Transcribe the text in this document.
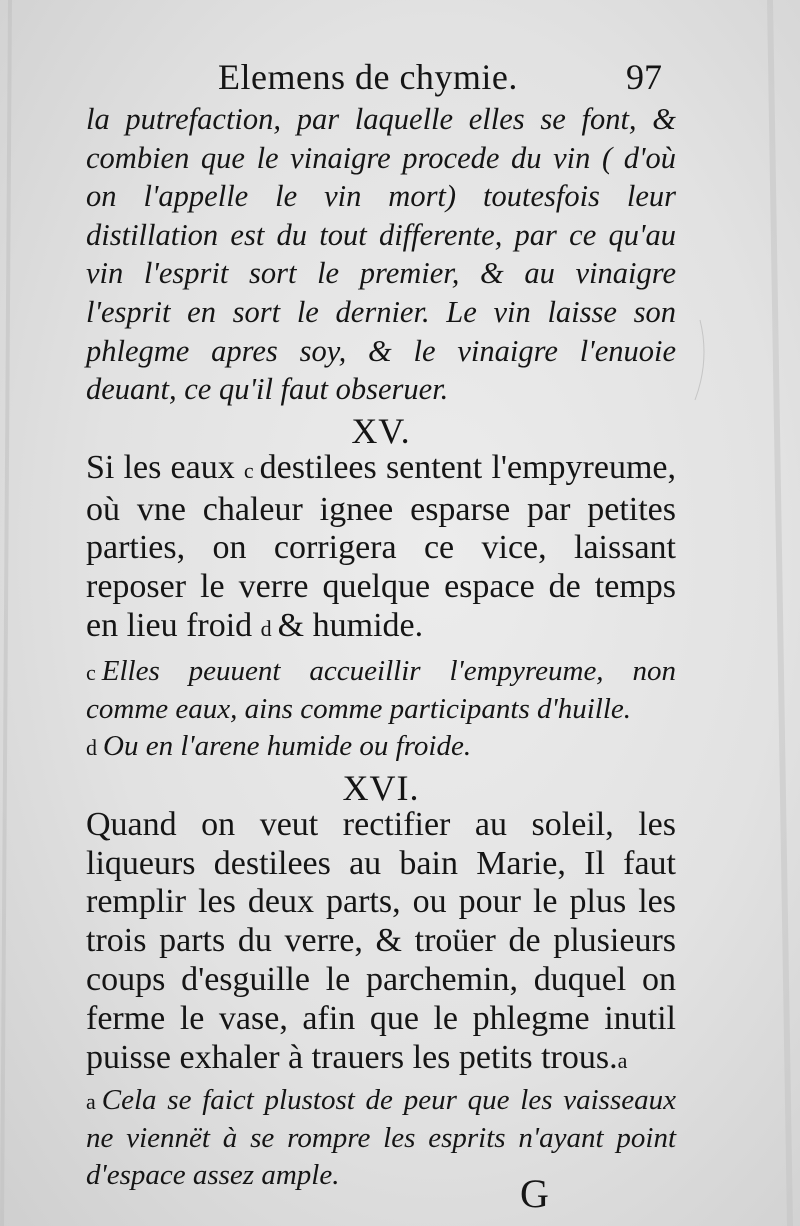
Elemens de chymie.	97

la putrefaction, par laquelle elles se font, & combien que le vinaigre procede du vin ( d'où on l'appelle le vin mort) toutesfois leur distillation est du tout differente, par ce qu'au vin l'esprit sort le premier, & au vinaigre l'esprit en sort le dernier. Le vin laisse son phlegme apres soy, & le vinaigre l'enuoie deuant, ce qu'il faut obseruer.

XV.

Si les eaux c destilees sentent l'empyreume, où vne chaleur ignee esparse par petites parties, on corrigera ce vice, laissant reposer le verre quelque espace de temps en lieu froid d & humide.

c Elles peuuent accueillir l'empyreume, non comme eaux, ains comme participants d'huille.

d Ou en l'arene humide ou froide.

XVI.

Quand on veut rectifier au soleil, les liqueurs destilees au bain Marie, Il faut remplir les deux parts, ou pour le plus les trois parts du verre, & troüer de plusieurs coups d'esguille le parchemin, duquel on ferme le vase, afin que le phlegme inutil puisse exhaler à trauers les petits trous.a

a Cela se faict plustost de peur que les vaisseaux ne viennët à se rompre les esprits n'ayant point d'espace assez ample.	G
